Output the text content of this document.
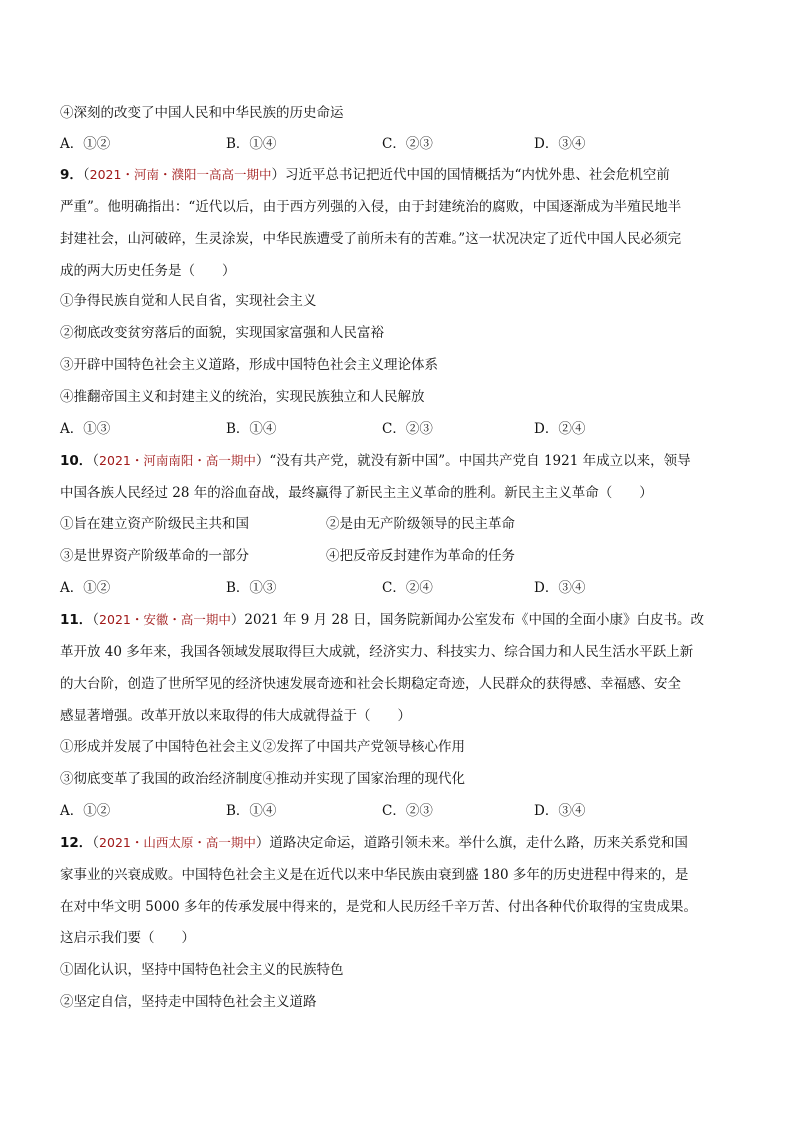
④深刻的改变了中国人民和中华民族的历史命运
A．①②	B．①④	C．②③	D．③④
9．（2021・河南・濮阳一高高一期中）习近平总书记把近代中国的国情概括为“内忧外患、社会危机空前
严重”。他明确指出：“近代以后，由于西方列强的入侵，由于封建统治的腐败，中国逐渐成为半殖民地半
封建社会，山河破碎，生灵涂炭，中华民族遭受了前所未有的苦难。”这一状况决定了近代中国人民必须完
成的两大历史任务是（　　）
①争得民族自觉和人民自省，实现社会主义
②彻底改变贫穷落后的面貌，实现国家富强和人民富裕
③开辟中国特色社会主义道路，形成中国特色社会主义理论体系
④推翻帝国主义和封建主义的统治，实现民族独立和人民解放
A．①③	B．①④	C．②③	D．②④
10．（2021・河南南阳・高一期中）“没有共产党，就没有新中国”。中国共产党自 1921 年成立以来，领导
中国各族人民经过 28 年的浴血奋战，最终赢得了新民主主义革命的胜利。新民主主义革命（　　）
①旨在建立资产阶级民主共和国	②是由无产阶级领导的民主革命
③是世界资产阶级革命的一部分	④把反帝反封建作为革命的任务
A．①②	B．①③	C．②④	D．③④
11．（2021・安徽・高一期中）2021 年 9 月 28 日，国务院新闻办公室发布《中国的全面小康》白皮书。改
革开放 40 多年来，我国各领域发展取得巨大成就，经济实力、科技实力、综合国力和人民生活水平跃上新
的大台阶，创造了世所罕见的经济快速发展奇迹和社会长期稳定奇迹，人民群众的获得感、幸福感、安全
感显著增强。改革开放以来取得的伟大成就得益于（　　）
①形成并发展了中国特色社会主义②发挥了中国共产党领导核心作用
③彻底变革了我国的政治经济制度④推动并实现了国家治理的现代化
A．①②	B．①④	C．②③	D．③④
12．（2021・山西太原・高一期中）道路决定命运，道路引领未来。举什么旗，走什么路，历来关系党和国
家事业的兴衰成败。中国特色社会主义是在近代以来中华民族由衰到盛 180 多年的历史进程中得来的，是
在对中华文明 5000 多年的传承发展中得来的，是党和人民历经千辛万苦、付出各种代价取得的宝贵成果。
这启示我们要（　　）
①固化认识，坚持中国特色社会主义的民族特色
②坚定自信，坚持走中国特色社会主义道路
